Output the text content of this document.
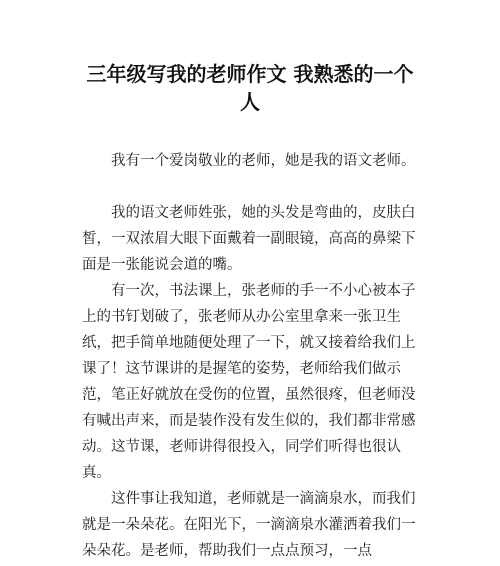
三年级写我的老师作文 我熟悉的一个
人
我有一个爱岗敬业的老师，她是我的语文老师。
我的语文老师姓张，她的头发是弯曲的，皮肤白皙，一双浓眉大眼下面戴着一副眼镜，高高的鼻梁下面是一张能说会道的嘴。
有一次，书法课上，张老师的手一不小心被本子上的书钉划破了，张老师从办公室里拿来一张卫生纸，把手简单地随便处理了一下，就又接着给我们上课了！这节课讲的是握笔的姿势，老师给我们做示范，笔正好就放在受伤的位置，虽然很疼，但老师没有喊出声来，而是装作没有发生似的，我们都非常感动。这节课，老师讲得很投入，同学们听得也很认真。
这件事让我知道，老师就是一滴滴泉水，而我们就是一朵朵花。在阳光下，一滴滴泉水灌洒着我们一朵朵花。是老师，帮助我们一点点预习，一点
